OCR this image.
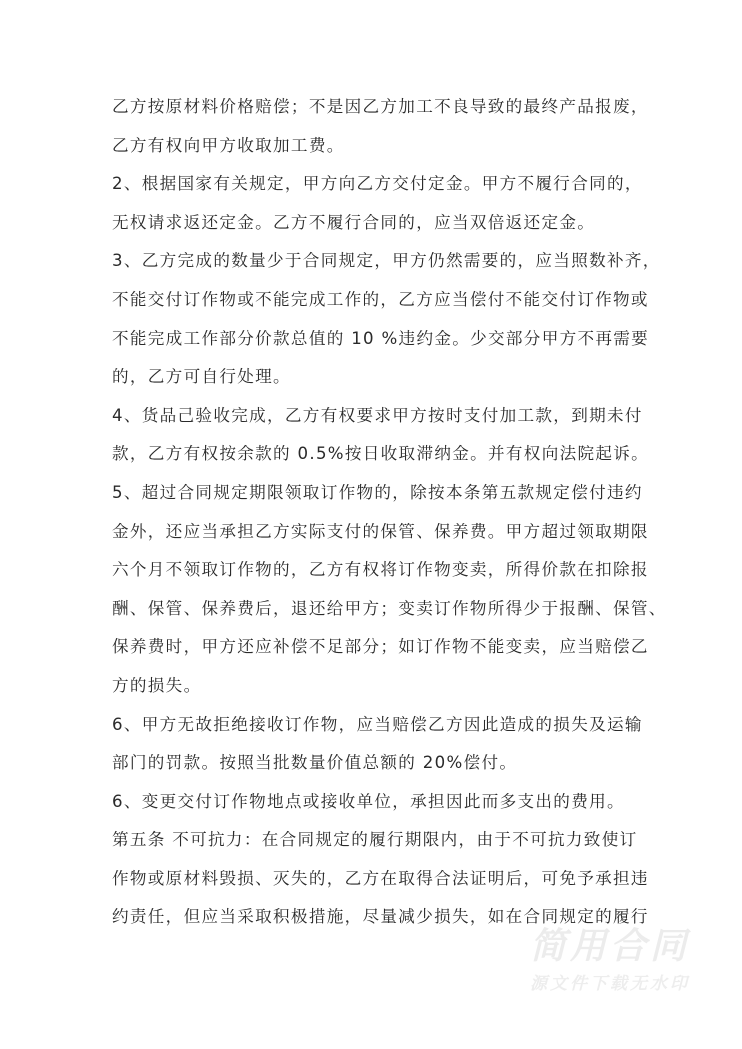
乙方按原材料价格赔偿；不是因乙方加工不良导致的最终产品报废，
乙方有权向甲方收取加工费。
2、根据国家有关规定，甲方向乙方交付定金。甲方不履行合同的，
无权请求返还定金。乙方不履行合同的，应当双倍返还定金。
3、乙方完成的数量少于合同规定，甲方仍然需要的，应当照数补齐，
不能交付订作物或不能完成工作的，乙方应当偿付不能交付订作物或
不能完成工作部分价款总值的 10 %违约金。少交部分甲方不再需要
的，乙方可自行处理。
4、货品己验收完成，乙方有权要求甲方按时支付加工款，到期未付
款，乙方有权按余款的 0.5%按日收取滞纳金。并有权向法院起诉。
5、超过合同规定期限领取订作物的，除按本条第五款规定偿付违约
金外，还应当承担乙方实际支付的保管、保养费。甲方超过领取期限
六个月不领取订作物的，乙方有权将订作物变卖，所得价款在扣除报
酬、保管、保养费后，退还给甲方；变卖订作物所得少于报酬、保管、
保养费时，甲方还应补偿不足部分；如订作物不能变卖，应当赔偿乙
方的损失。
6、甲方无故拒绝接收订作物，应当赔偿乙方因此造成的损失及运输
部门的罚款。按照当批数量价值总额的 20%偿付。
6、变更交付订作物地点或接收单位，承担因此而多支出的费用。
第五条 不可抗力：在合同规定的履行期限内，由于不可抗力致使订
作物或原材料毁损、灭失的，乙方在取得合法证明后，可免予承担违
约责任，但应当采取积极措施，尽量减少损失，如在合同规定的履行
简用合同
源文件下载无水印
